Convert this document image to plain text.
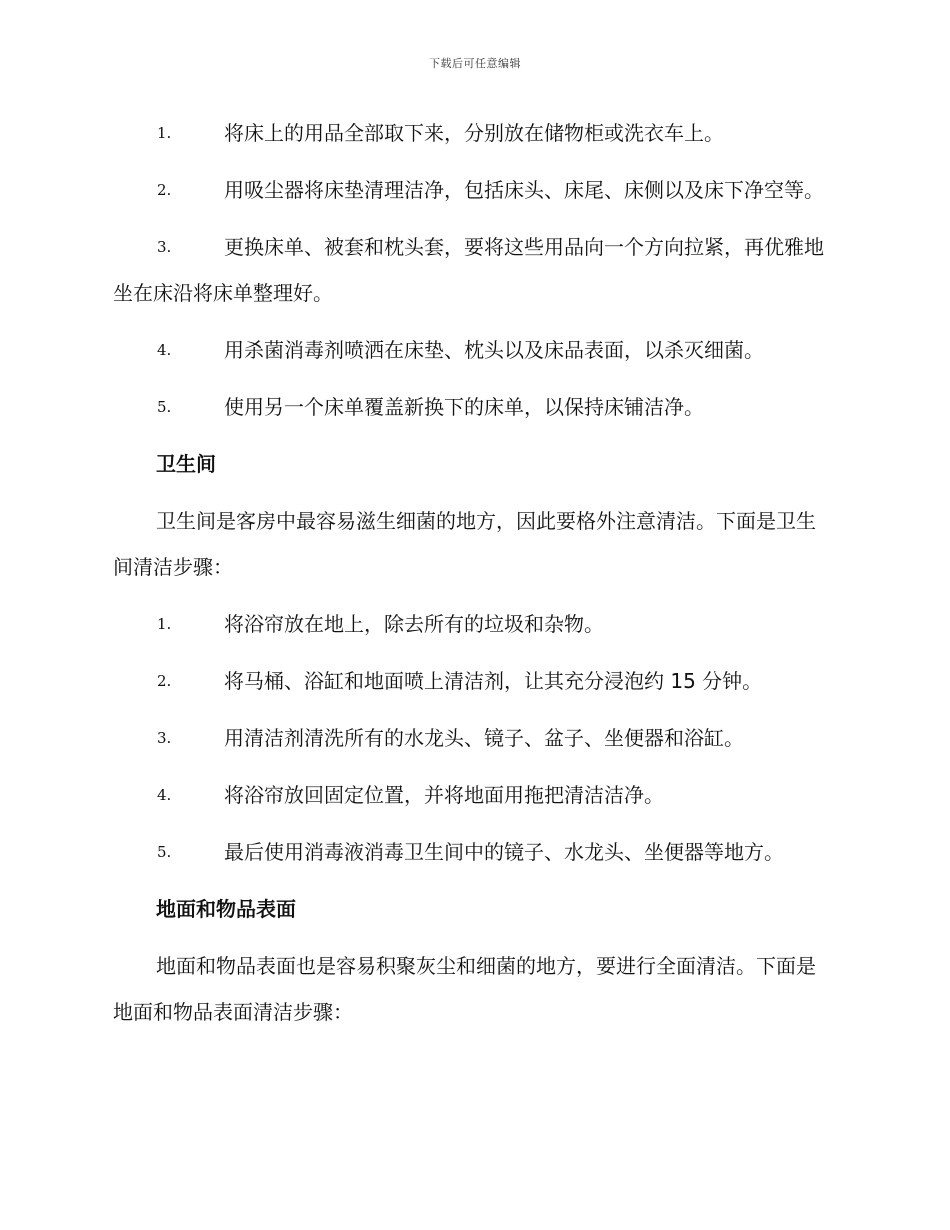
下载后可任意编辑
1.	将床上的用品全部取下来，分别放在储物柜或洗衣车上。
2.	用吸尘器将床垫清理洁净，包括床头、床尾、床侧以及床下净空等。
3.	更换床单、被套和枕头套，要将这些用品向一个方向拉紧，再优雅地坐在床沿将床单整理好。
4.	用杀菌消毒剂喷洒在床垫、枕头以及床品表面，以杀灭细菌。
5.	使用另一个床单覆盖新换下的床单，以保持床铺洁净。
卫生间
卫生间是客房中最容易滋生细菌的地方，因此要格外注意清洁。下面是卫生间清洁步骤：
1.	将浴帘放在地上，除去所有的垃圾和杂物。
2.	将马桶、浴缸和地面喷上清洁剂，让其充分浸泡约 15 分钟。
3.	用清洁剂清洗所有的水龙头、镜子、盆子、坐便器和浴缸。
4.	将浴帘放回固定位置，并将地面用拖把清洁洁净。
5.	最后使用消毒液消毒卫生间中的镜子、水龙头、坐便器等地方。
地面和物品表面
地面和物品表面也是容易积聚灰尘和细菌的地方，要进行全面清洁。下面是地面和物品表面清洁步骤：
